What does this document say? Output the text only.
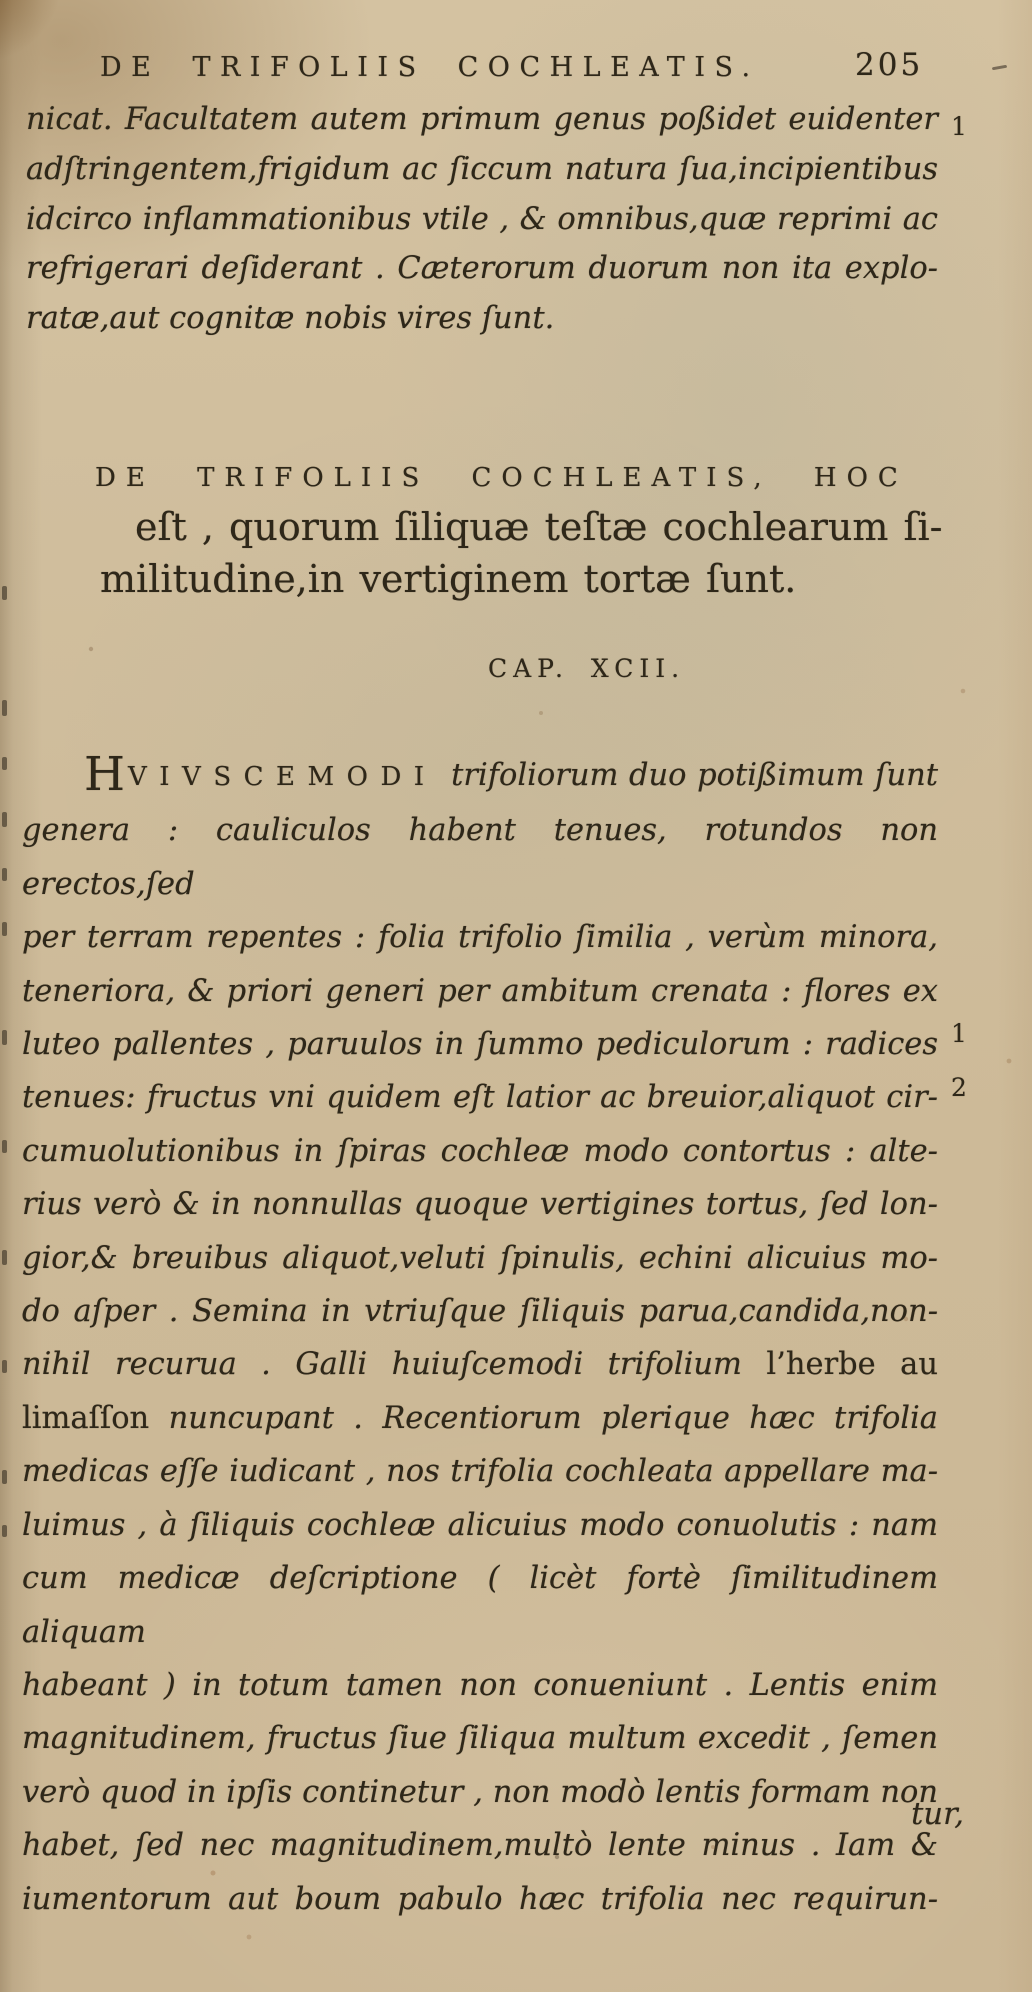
DE TRIFOLIIS COCHLEATIS.	205
1
1
2
nicat. Facultatem autem primum genus poßidet euidenter
adſtringentem,frigidum ac ſiccum natura ſua,incipientibus
idcirco inflammationibus vtile , & omnibus,quæ reprimi ac
refrigerari deſiderant . Cæterorum duorum non ita explo-
ratæ,aut cognitæ nobis vires ſunt.
DE TRIFOLIIS COCHLEATIS, HOC
eſt , quorum ſiliquæ teſtæ cochlearum ſi-
militudine,in vertiginem tortæ ſunt.
CAP. XCII.
HVIVSCEMODI trifoliorum duo potißimum ſunt
genera : cauliculos habent tenues, rotundos non erectos,ſed
per terram repentes : folia trifolio ſimilia , verùm minora,
teneriora, & priori generi per ambitum crenata : flores ex
luteo pallentes , paruulos in ſummo pediculorum : radices
tenues: fructus vni quidem eſt latior ac breuior,aliquot cir-
cumuolutionibus in ſpiras cochleæ modo contortus : alte-
rius verò & in nonnullas quoque vertigines tortus, ſed lon-
gior,& breuibus aliquot,veluti ſpinulis, echini alicuius mo-
do aſper . Semina in vtriuſque ſiliquis parua,candida,non-
nihil recurua . Galli huiuſcemodi trifolium l’herbe au
limaſſon nuncupant . Recentiorum plerique hæc trifolia
medicas eſſe iudicant , nos trifolia cochleata appellare ma-
luimus , à ſiliquis cochleæ alicuius modo conuolutis : nam
cum medicæ deſcriptione ( licèt fortè ſimilitudinem aliquam
habeant ) in totum tamen non conueniunt . Lentis enim
magnitudinem, fructus ſiue ſiliqua multum excedit , ſemen
verò quod in ipſis continetur , non modò lentis formam non
habet, ſed nec magnitudinem,multò lente minus . Iam &
iumentorum aut boum pabulo hæc trifolia nec requirun-
tur,
